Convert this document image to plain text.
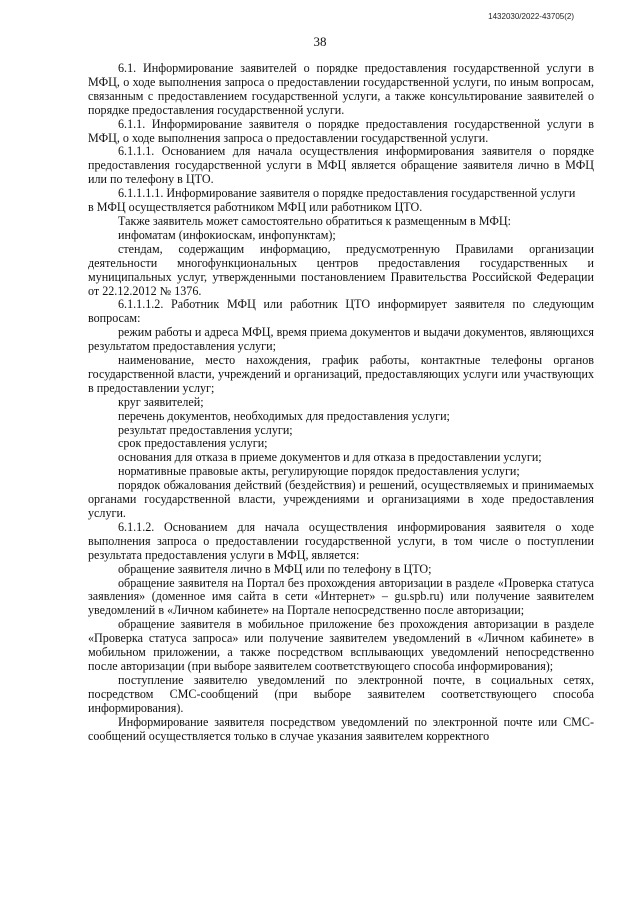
1432030/2022-43705(2)
38

6.1. Информирование заявителей о порядке предоставления государственной услуги в МФЦ, о ходе выполнения запроса о предоставлении государственной услуги, по иным вопросам, связанным с предоставлением государственной услуги, а также консультирование заявителей о порядке предоставления государственной услуги.

6.1.1. Информирование заявителя о порядке предоставления государственной услуги в МФЦ, о ходе выполнения запроса о предоставлении государственной услуги.

6.1.1.1. Основанием для начала осуществления информирования заявителя о порядке предоставления государственной услуги в МФЦ является обращение заявителя лично в МФЦ или по телефону в ЦТО.

6.1.1.1.1. Информирование заявителя о порядке предоставления государственной услуги

в МФЦ осуществляется работником МФЦ или работником ЦТО.

Также заявитель может самостоятельно обратиться к размещенным в МФЦ:

инфоматам (инфокиоскам, инфопунктам);

стендам, содержащим информацию, предусмотренную Правилами организации деятельности многофункциональных центров предоставления государственных и муниципальных услуг, утвержденными постановлением Правительства Российской Федерации от 22.12.2012 № 1376.

6.1.1.1.2. Работник МФЦ или работник ЦТО информирует заявителя по следующим вопросам:

режим работы и адреса МФЦ, время приема документов и выдачи документов, являющихся результатом предоставления услуги;

наименование, место нахождения, график работы, контактные телефоны органов государственной власти, учреждений и организаций, предоставляющих услуги или участвующих в предоставлении услуг;

круг заявителей;

перечень документов, необходимых для предоставления услуги;

результат предоставления услуги;

срок предоставления услуги;

основания для отказа в приеме документов и для отказа в предоставлении услуги;

нормативные правовые акты, регулирующие порядок предоставления услуги;

порядок обжалования действий (бездействия) и решений, осуществляемых и принимаемых органами государственной власти, учреждениями и организациями в ходе предоставления услуги.

6.1.1.2. Основанием для начала осуществления информирования заявителя о ходе выполнения запроса о предоставлении государственной услуги, в том числе о поступлении результата предоставления услуги в МФЦ, является:

обращение заявителя лично в МФЦ или по телефону в ЦТО;

обращение заявителя на Портал без прохождения авторизации в разделе «Проверка статуса заявления» (доменное имя сайта в сети «Интернет» – gu.spb.ru) или получение заявителем уведомлений в «Личном кабинете» на Портале непосредственно после авторизации;

обращение заявителя в мобильное приложение без прохождения авторизации в разделе «Проверка статуса запроса» или получение заявителем уведомлений в «Личном кабинете» в мобильном приложении, а также посредством всплывающих уведомлений непосредственно после авторизации (при выборе заявителем соответствующего способа информирования);

поступление заявителю уведомлений по электронной почте, в социальных сетях, посредством СМС-сообщений (при выборе заявителем соответствующего способа информирования).

Информирование заявителя посредством уведомлений по электронной почте или СМС-сообщений осуществляется только в случае указания заявителем корректного
